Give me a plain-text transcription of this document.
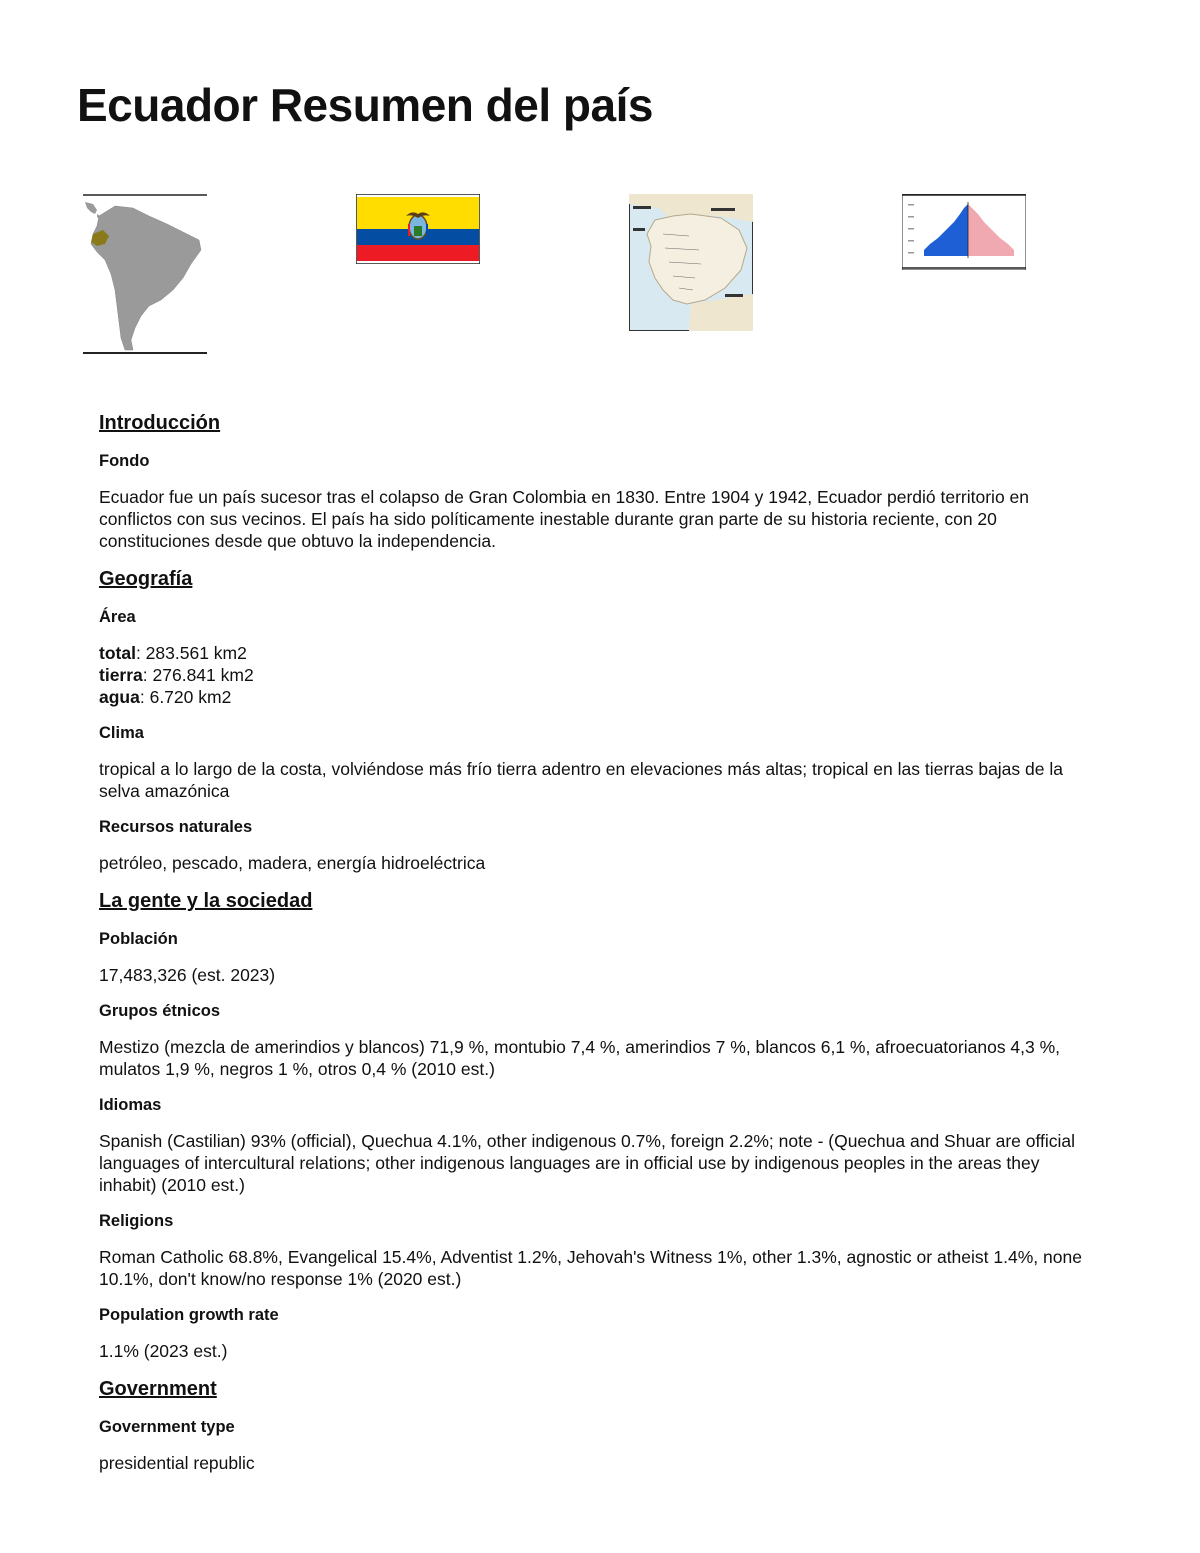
Ecuador Resumen del país
Introducción
Fondo

Ecuador fue un país sucesor tras el colapso de Gran Colombia en 1830. Entre 1904 y 1942, Ecuador perdió territorio en conflictos con sus vecinos. El país ha sido políticamente inestable durante gran parte de su historia reciente, con 20 constituciones desde que obtuvo la independencia.

Geografía
Área
total: 283.561 km2
tierra: 276.841 km2
agua: 6.720 km2
Clima

tropical a lo largo de la costa, volviéndose más frío tierra adentro en elevaciones más altas; tropical en las tierras bajas de la selva amazónica

Recursos naturales

petróleo, pescado, madera, energía hidroeléctrica

La gente y la sociedad
Población

17,483,326 (est. 2023)

Grupos étnicos

Mestizo (mezcla de amerindios y blancos) 71,9 %, montubio 7,4 %, amerindios 7 %, blancos 6,1 %, afroecuatorianos 4,3 %, mulatos 1,9 %, negros 1 %, otros 0,4 % (2010 est.)

Idiomas

Spanish (Castilian) 93% (official), Quechua 4.1%, other indigenous 0.7%, foreign 2.2%; note - (Quechua and Shuar are official languages of intercultural relations; other indigenous languages are in official use by indigenous peoples in the areas they inhabit) (2010 est.)

Religions

Roman Catholic 68.8%, Evangelical 15.4%, Adventist 1.2%, Jehovah's Witness 1%, other 1.3%, agnostic or atheist 1.4%, none 10.1%, don't know/no response 1% (2020 est.)

Population growth rate

1.1% (2023 est.)

Government
Government type

presidential republic
